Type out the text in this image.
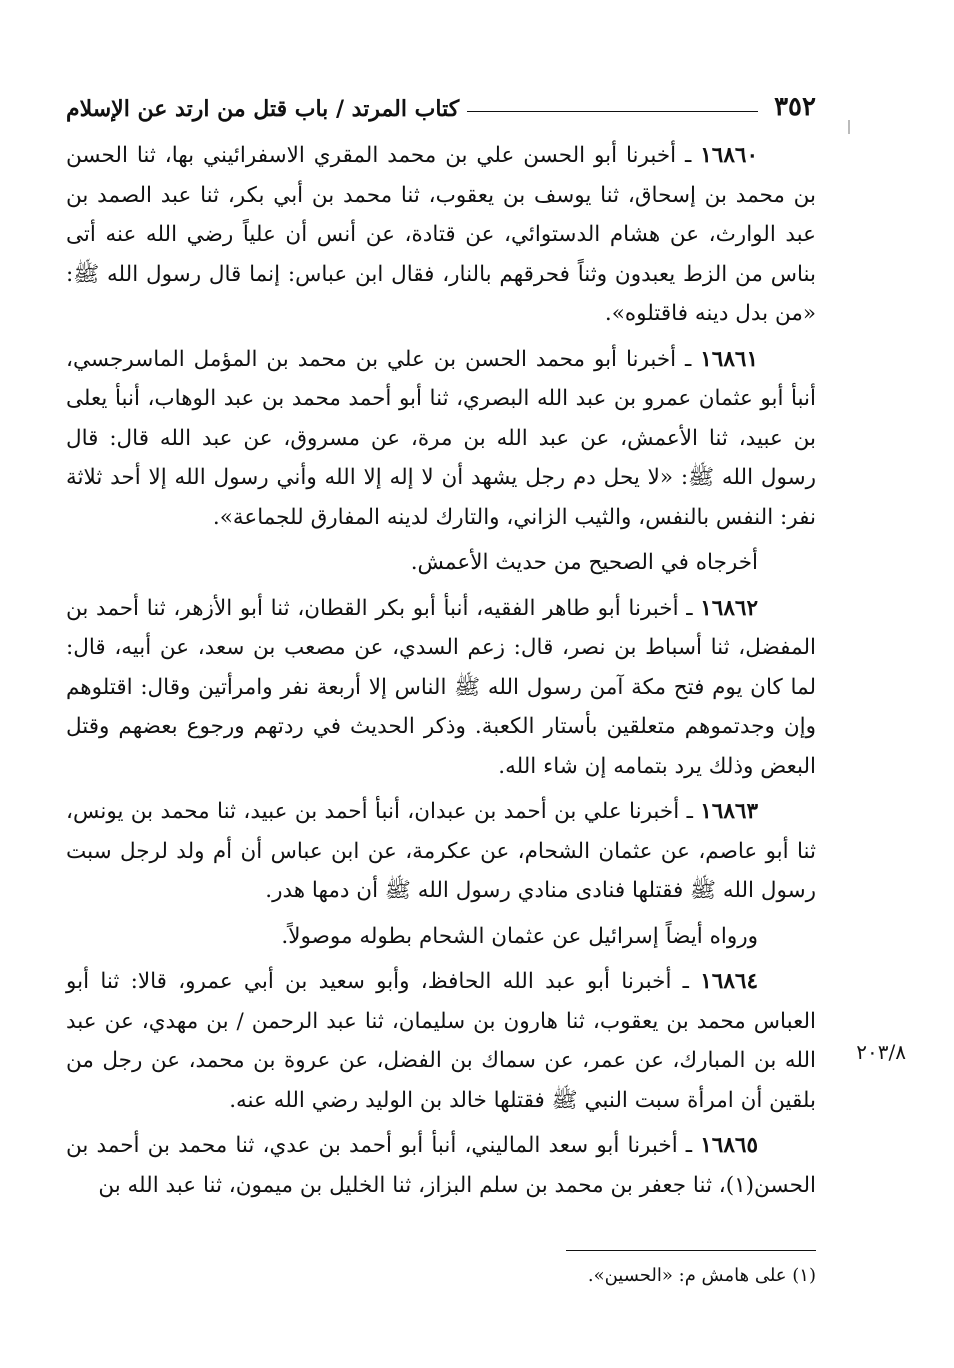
٣٥٢
كتاب المرتد / باب قتل من ارتد عن الإسلام

١٦٨٦٠ ـ أخبرنا أبو الحسن علي بن محمد المقري الاسفرائيني بها، ثنا الحسن بن محمد بن إسحاق، ثنا يوسف بن يعقوب، ثنا محمد بن أبي بكر، ثنا عبد الصمد بن عبد الوارث، عن هشام الدستوائي، عن قتادة، عن أنس أن علياً رضي الله عنه أتى بناس من الزط يعبدون وثناً فحرقهم بالنار، فقال ابن عباس: إنما قال رسول الله ﷺ: «من بدل دينه فاقتلوه».

١٦٨٦١ ـ أخبرنا أبو محمد الحسن بن علي بن محمد بن المؤمل الماسرجسي، أنبأ أبو عثمان عمرو بن عبد الله البصري، ثنا أبو أحمد محمد بن عبد الوهاب، أنبأ يعلى بن عبيد، ثنا الأعمش، عن عبد الله بن مرة، عن مسروق، عن عبد الله قال: قال رسول الله ﷺ: «لا يحل دم رجل يشهد أن لا إله إلا الله وأني رسول الله إلا أحد ثلاثة نفر: النفس بالنفس، والثيب الزاني، والتارك لدينه المفارق للجماعة».

أخرجاه في الصحيح من حديث الأعمش.

١٦٨٦٢ ـ أخبرنا أبو طاهر الفقيه، أنبأ أبو بكر القطان، ثنا أبو الأزهر، ثنا أحمد بن المفضل، ثنا أسباط بن نصر، قال: زعم السدي، عن مصعب بن سعد، عن أبيه، قال: لما كان يوم فتح مكة آمن رسول الله ﷺ الناس إلا أربعة نفر وامرأتين وقال: اقتلوهم وإن وجدتموهم متعلقين بأستار الكعبة. وذكر الحديث في ردتهم ورجوع بعضهم وقتل البعض وذلك يرد بتمامه إن شاء الله.

١٦٨٦٣ ـ أخبرنا علي بن أحمد بن عبدان، أنبأ أحمد بن عبيد، ثنا محمد بن يونس، ثنا أبو عاصم، عن عثمان الشحام، عن عكرمة، عن ابن عباس أن أم ولد لرجل سبت رسول الله ﷺ فقتلها فنادى منادي رسول الله ﷺ أن دمها هدر.

ورواه أيضاً إسرائيل عن عثمان الشحام بطوله موصولاً.

١٦٨٦٤ ـ أخبرنا أبو عبد الله الحافظ، وأبو سعيد بن أبي عمرو، قالا: ثنا أبو العباس محمد بن يعقوب، ثنا هارون بن سليمان، ثنا عبد الرحمن / بن مهدي، عن عبد الله بن المبارك، عن عمر، عن سماك بن الفضل، عن عروة بن محمد، عن رجل من بلقين أن امرأة سبت النبي ﷺ فقتلها خالد بن الوليد رضي الله عنه.

١٦٨٦٥ ـ أخبرنا أبو سعد الماليني، أنبأ أبو أحمد بن عدي، ثنا محمد بن أحمد بن الحسن(١)، ثنا جعفر بن محمد بن سلم البزاز، ثنا الخليل بن ميمون، ثنا عبد الله بن

٢٠٣/٨
(١) على هامش م: «الحسين».
